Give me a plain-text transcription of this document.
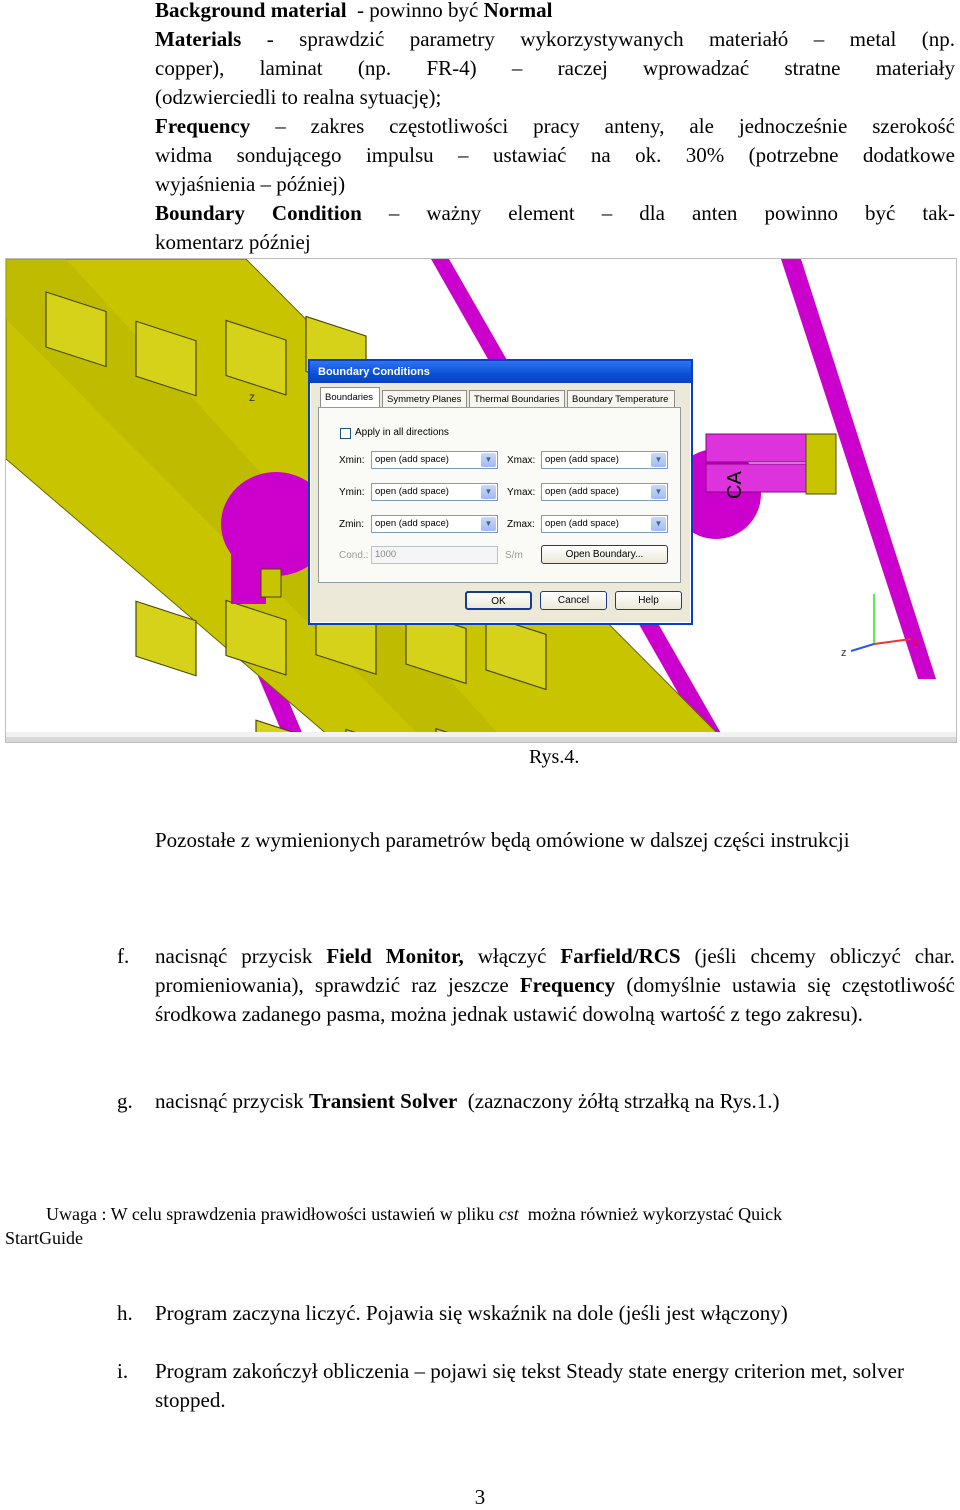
Background material  - powinno być Normal
Materials - sprawdzić parametry wykorzystywanych materiałó – metal (np.
copper), laminat (np. FR-4) – raczej wprowadzać stratne materiały
(odzwierciedli to realna sytuację);
Frequency – zakres częstotliwości pracy anteny, ale jednocześnie szerokość
widma sondującego impulsu – ustawiać na ok. 30% (potrzebne dodatkowe
wyjaśnienia – później)
Boundary Condition – ważny element – dla anten powinno być tak-
komentarz później
CA
z
x
z
Boundary Conditions
Boundaries	Symmetry Planes	Thermal Boundaries	Boundary Temperature
Apply in all directions
Xmin:	open (add space)	▼	Xmax:	open (add space)	▼
Ymin:	open (add space)	▼	Ymax:	open (add space)	▼
Zmin:	open (add space)	▼	Zmax:	open (add space)	▼
Cond.: 1000	S/m	Open Boundary...
OK	Cancel	Help
Rys.4.
Pozostałe z wymienionych parametrów będą omówione w dalszej części instrukcji
f. nacisnąć przycisk Field Monitor, włączyć Farfield/RCS (jeśli chcemy obliczyć char. promieniowania), sprawdzić raz jeszcze Frequency (domyślnie ustawia się częstotliwość środkowa zadanego pasma, można jednak ustawić dowolną wartość z tego zakresu).
g. nacisnąć przycisk Transient Solver  (zaznaczony żółtą strzałką na Rys.1.)
Uwaga : W celu sprawdzenia prawidłowości ustawień w pliku cst  można również wykorzystać Quick
StartGuide
h. Program zaczyna liczyć. Pojawia się wskaźnik na dole (jeśli jest włączony)
i. Program zakończył obliczenia – pojawi się tekst Steady state energy criterion met, solver stopped.
3
